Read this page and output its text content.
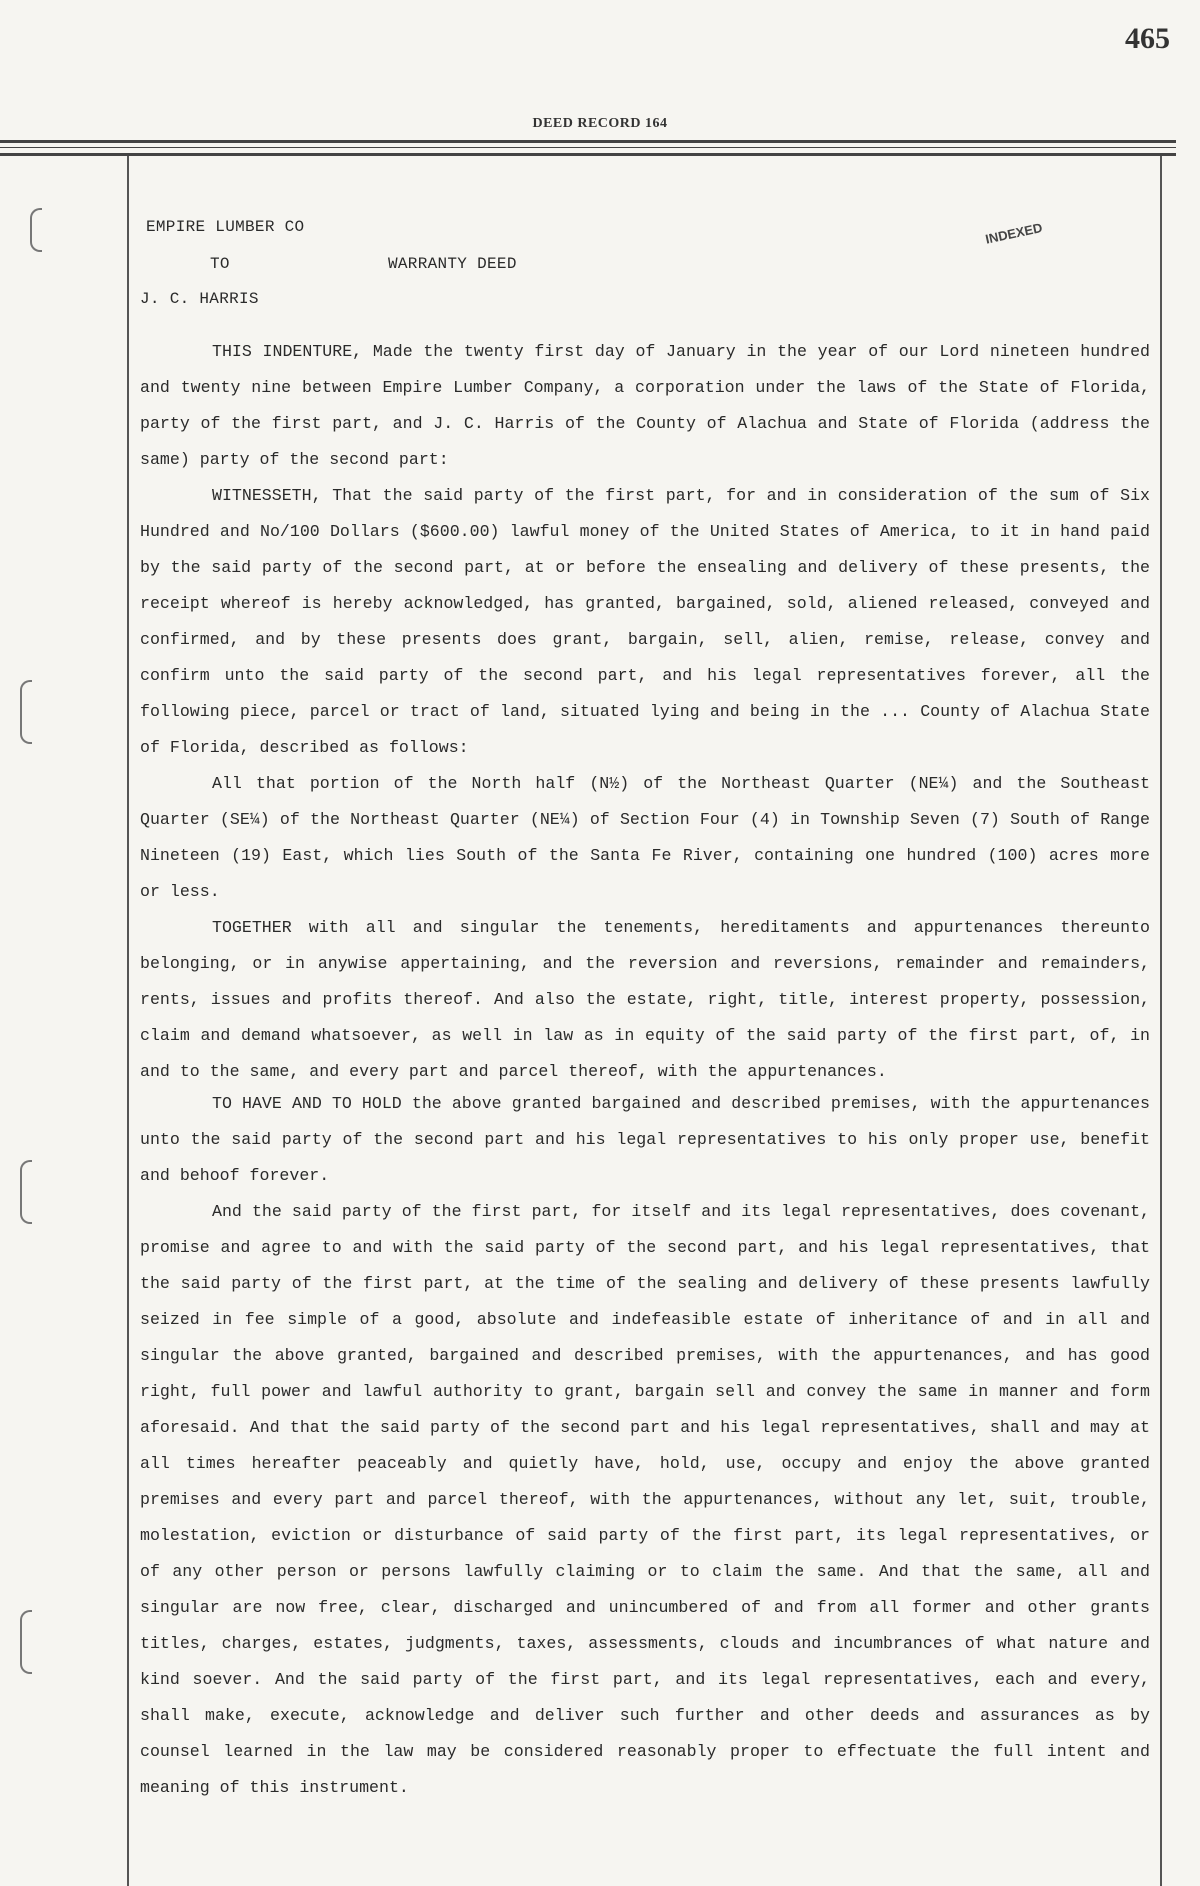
465
DEED RECORD 164
INDEXED
EMPIRE LUMBER CO
TO	WARRANTY DEED
J. C. HARRIS

THIS INDENTURE, Made the twenty first day of January in the year of our Lord nineteen hundred and twenty nine between Empire Lumber Company, a corporation under the laws of the State of Florida, party of the first part, and J. C. Harris of the County of Alachua and State of Florida (address the same) party of the second part:

WITNESSETH, That the said party of the first part, for and in consideration of the sum of Six Hundred and No/100 Dollars ($600.00) lawful money of the United States of America, to it in hand paid by the said party of the second part, at or before the ensealing and delivery of these presents, the receipt whereof is hereby acknowledged, has granted, bargained, sold, aliened released, conveyed and confirmed, and by these presents does grant, bargain, sell, alien, remise, release, convey and confirm unto the said party of the second part, and his legal representatives forever, all the following piece, parcel or tract of land, situated lying and being in the ... County of Alachua State of Florida, described as follows:

All that portion of the North half (N½) of the Northeast Quarter (NE¼) and the Southeast Quarter (SE¼) of the Northeast Quarter (NE¼) of Section Four (4) in Township Seven (7) South of Range Nineteen (19) East, which lies South of the Santa Fe River, containing one hundred (100) acres more or less.

TOGETHER with all and singular the tenements, hereditaments and appurtenances thereunto belonging, or in anywise appertaining, and the reversion and reversions, remainder and remainders, rents, issues and profits thereof. And also the estate, right, title, interest property, possession, claim and demand whatsoever, as well in law as in equity of the said party of the first part, of, in and to the same, and every part and parcel thereof, with the appurtenances.

TO HAVE AND TO HOLD the above granted bargained and described premises, with the appurtenances unto the said party of the second part and his legal representatives to his only proper use, benefit and behoof forever.

And the said party of the first part, for itself and its legal representatives, does covenant, promise and agree to and with the said party of the second part, and his legal representatives, that the said party of the first part, at the time of the sealing and delivery of these presents lawfully seized in fee simple of a good, absolute and indefeasible estate of inheritance of and in all and singular the above granted, bargained and described premises, with the appurtenances, and has good right, full power and lawful authority to grant, bargain sell and convey the same in manner and form aforesaid. And that the said party of the second part and his legal representatives, shall and may at all times hereafter peaceably and quietly have, hold, use, occupy and enjoy the above granted premises and every part and parcel thereof, with the appurtenances, without any let, suit, trouble, molestation, eviction or disturbance of said party of the first part, its legal representatives, or of any other person or persons lawfully claiming or to claim the same. And that the same, all and singular are now free, clear, discharged and unincumbered of and from all former and other grants titles, charges, estates, judgments, taxes, assessments, clouds and incumbrances of what nature and kind soever. And the said party of the first part, and its legal representatives, each and every, shall make, execute, acknowledge and deliver such further and other deeds and assurances as by counsel learned in the law may be considered reasonably proper to effectuate the full intent and meaning of this instrument.
